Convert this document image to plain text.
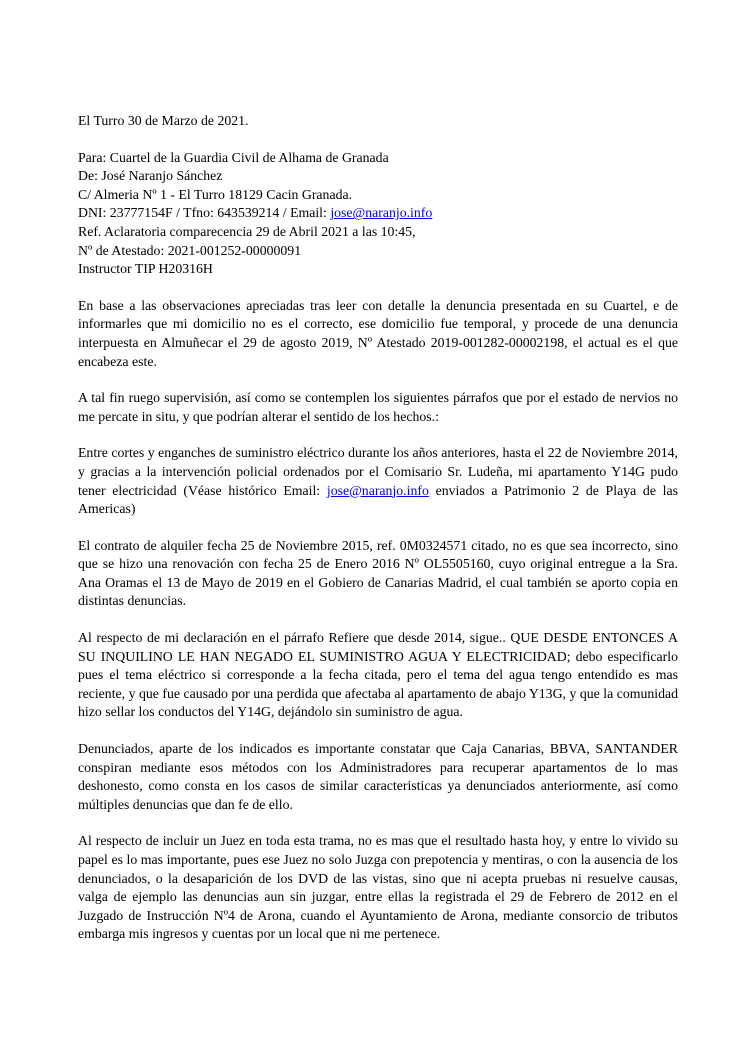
El Turro 30 de Marzo de 2021.

Para: Cuartel de la Guardia Civil de Alhama de Granada

De: José Naranjo Sánchez

C/ Almeria Nº 1 - El Turro 18129 Cacin Granada.

DNI: 23777154F / Tfno: 643539214 / Email: jose@naranjo.info

Ref. Aclaratoria comparecencia 29 de Abril 2021 a las 10:45,

Nº de Atestado: 2021-001252-00000091

Instructor TIP H20316H

En base a las observaciones apreciadas tras leer con detalle la denuncia presentada en su Cuartel, e de informarles que mi domicilio no es el correcto, ese domicilio fue temporal, y procede de una denuncia interpuesta en Almuñecar el 29 de agosto 2019, Nº Atestado 2019-001282-00002198, el actual es el que encabeza este.

A tal fin ruego supervisión, así como se contemplen los siguientes párrafos que por el estado de nervios no me percate in situ, y que podrían alterar el sentido de los hechos.:

Entre cortes y enganches de suministro eléctrico durante los años anteriores, hasta el 22 de Noviembre 2014, y gracias a la intervención policial ordenados por el Comisario Sr. Ludeña, mi apartamento Y14G pudo tener electricidad (Véase histórico Email: jose@naranjo.info enviados a Patrimonio 2 de Playa de las Americas)

El contrato de alquiler fecha 25 de Noviembre 2015, ref. 0M0324571 citado, no es que sea incorrecto, sino que se hizo una renovación con fecha 25 de Enero 2016 Nº OL5505160, cuyo original entregue a la Sra. Ana Oramas el 13 de Mayo de 2019 en el Gobiero de Canarias Madrid, el cual también se aporto copia en distintas denuncias.

Al respecto de mi declaración en el párrafo Refiere que desde 2014, sigue.. QUE DESDE ENTONCES A SU INQUILINO LE HAN NEGADO EL SUMINISTRO AGUA Y ELECTRICIDAD; debo especificarlo pues el tema eléctrico si corresponde a la fecha citada, pero el tema del agua tengo entendido es mas reciente, y que fue causado por una perdida que afectaba al apartamento de abajo Y13G, y que la comunidad hizo sellar los conductos del Y14G, dejándolo sin suministro de agua.

Denunciados, aparte de los indicados es importante constatar que Caja Canarias, BBVA, SANTANDER conspiran mediante esos métodos con los Administradores para recuperar apartamentos de lo mas deshonesto, como consta en los casos de similar caracteristicas ya denunciados anteriormente, así como múltiples denuncias que dan fe de ello.

Al respecto de incluir un Juez en toda esta trama, no es mas que el resultado hasta hoy, y entre lo vivido su papel es lo mas importante, pues ese Juez no solo Juzga con prepotencia y mentiras, o con la ausencia de los denunciados, o la desaparición de los DVD de las vistas, sino que ni acepta pruebas ni resuelve causas, valga de ejemplo las denuncias aun sin juzgar, entre ellas la registrada el 29 de Febrero de 2012 en el Juzgado de Instrucción Nº4 de Arona, cuando el Ayuntamiento de Arona, mediante consorcio de tributos embarga mis ingresos y cuentas por un local que ni me pertenece.
